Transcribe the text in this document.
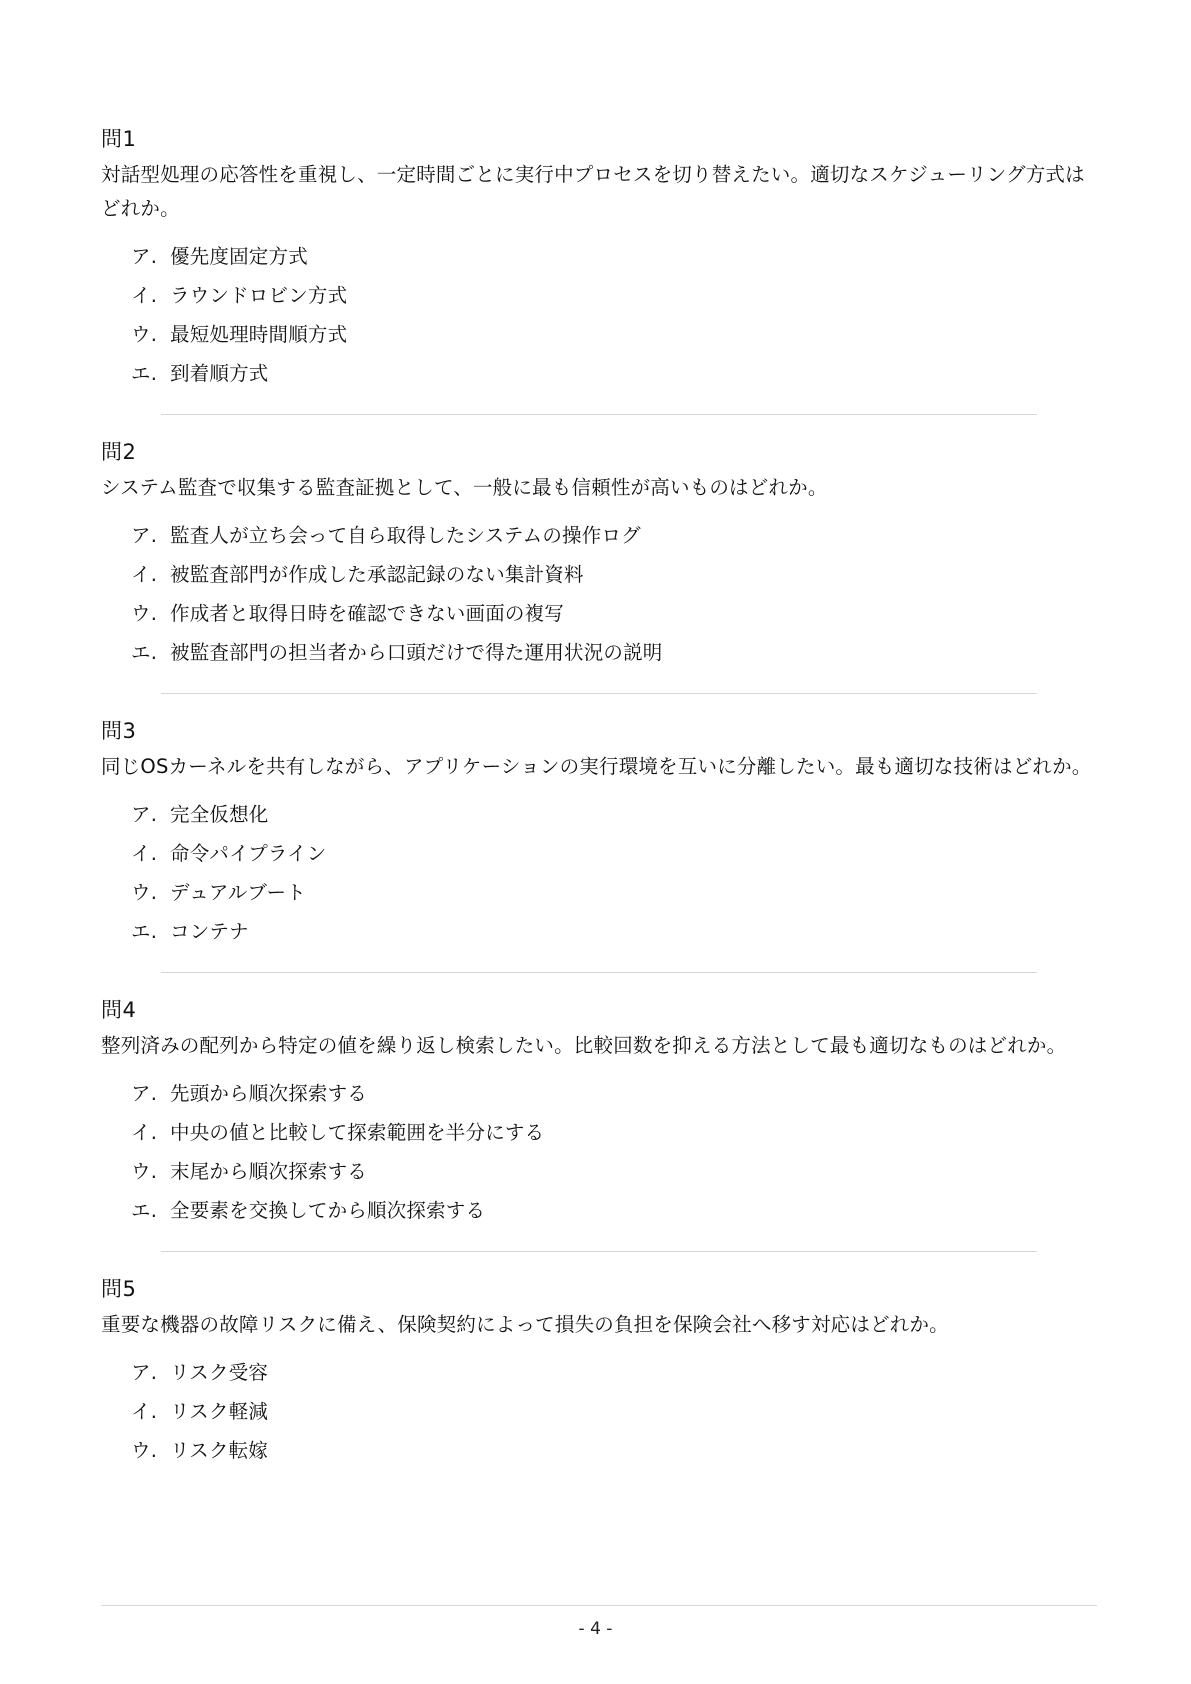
問1
対話型処理の応答性を重視し、一定時間ごとに実行中プロセスを切り替えたい。適切なスケジューリング方式はどれか。
ア. 優先度固定方式
イ. ラウンドロビン方式
ウ. 最短処理時間順方式
エ. 到着順方式
問2
システム監査で収集する監査証拠として、一般に最も信頼性が高いものはどれか。
ア. 監査人が立ち会って自ら取得したシステムの操作ログ
イ. 被監査部門が作成した承認記録のない集計資料
ウ. 作成者と取得日時を確認できない画面の複写
エ. 被監査部門の担当者から口頭だけで得た運用状況の説明
問3
同じOSカーネルを共有しながら、アプリケーションの実行環境を互いに分離したい。最も適切な技術はどれか。
ア. 完全仮想化
イ. 命令パイプライン
ウ. デュアルブート
エ. コンテナ
問4
整列済みの配列から特定の値を繰り返し検索したい。比較回数を抑える方法として最も適切なものはどれか。
ア. 先頭から順次探索する
イ. 中央の値と比較して探索範囲を半分にする
ウ. 末尾から順次探索する
エ. 全要素を交換してから順次探索する
問5
重要な機器の故障リスクに備え、保険契約によって損失の負担を保険会社へ移す対応はどれか。
ア. リスク受容
イ. リスク軽減
ウ. リスク転嫁
- 4 -
